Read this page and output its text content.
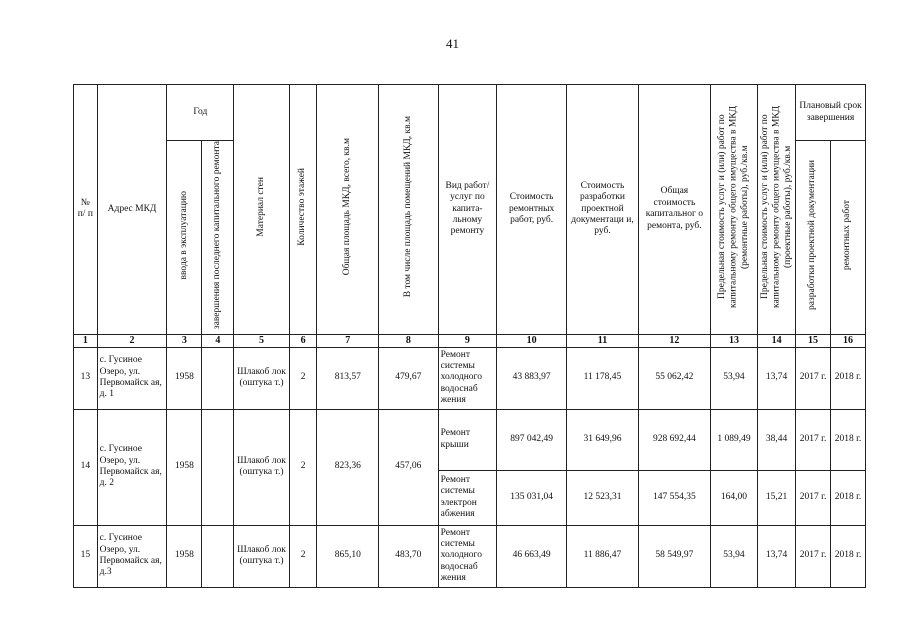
41
№ п/ п	Адрес МКД	Год		Материал стен	Количество этажей	Общая площадь МКД, всего, кв.м	В том числе площадь помещений МКД, кв.м	Вид работ/ услуг по капита-льному ремонту	Стоимость ремонтных работ, руб.	Стоимость разработки проектной документаци и, руб.	Общая стоимость капитальног о ремонта, руб.	Предельная стоимость услуг и (или) работ по капитальному ремонту общего имущества в МКД (ремонтные работы), руб./кв.м	Предельная стоимость услуг и (или) работ по капитальному ремонту общего имущества в МКД (проектные работы), руб./кв.м	Плановый срок завершения	
		ввода в эксплуатацию	завершения последнего капитального ремонта											разработки проектной документации	ремонтных работ
1	2	3	4	5	6	7	8	9	10	11	12	13	14	15	16
13	с. Гусиное Озеро, ул. Первомайск ая, д. 1	1958		Шлакоб лок (оштука т.)	2	813,57	479,67	Ремонт системы холодного водоснаб жения	43 883,97	11 178,45	55 062,42	53,94	13,74	2017 г.	2018 г.
14	с. Гусиное Озеро, ул. Первомайск ая, д. 2	1958		Шлакоб лок (оштука т.)	2	823,36	457,06	Ремонт крыши	897 042,49	31 649,96	928 692,44	1 089,49	38,44	2017 г.	2018 г.
								Ремонт системы электрон абжения	135 031,04	12 523,31	147 554,35	164,00	15,21	2017 г.	2018 г.
15	с. Гусиное Озеро, ул. Первомайск ая, д.3	1958		Шлакоб лок (оштука т.)	2	865,10	483,70	Ремонт системы холодного водоснаб жения	46 663,49	11 886,47	58 549,97	53,94	13,74	2017 г.	2018 г.
